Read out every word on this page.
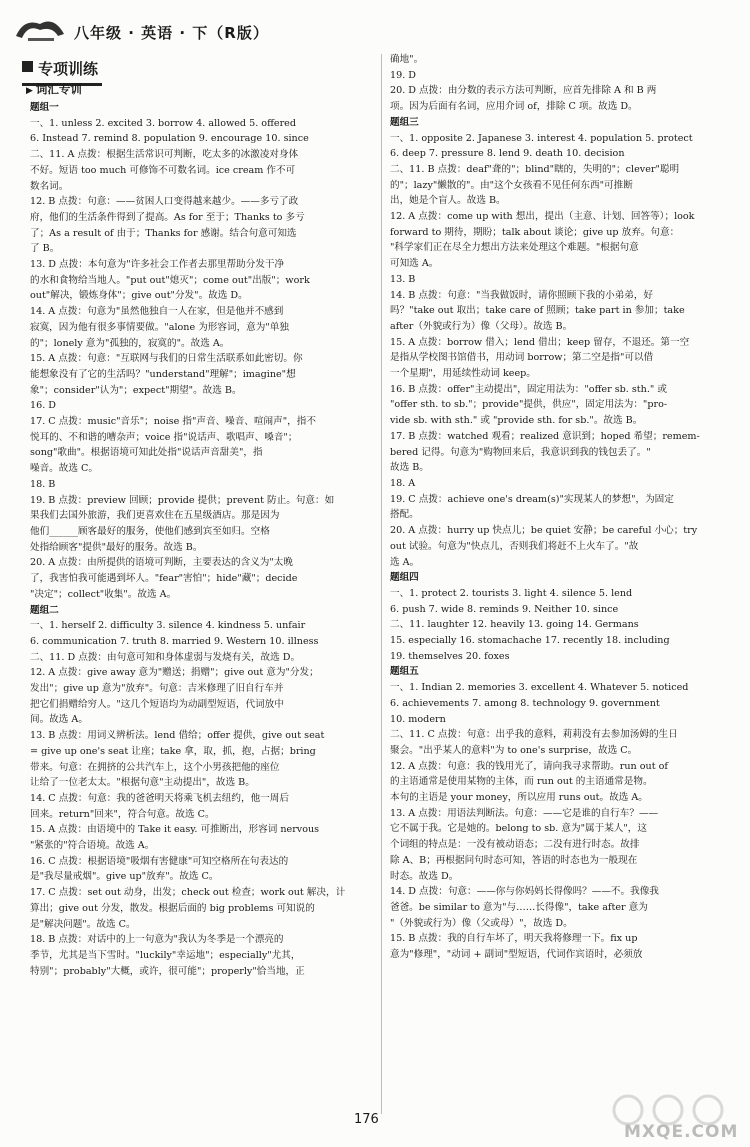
八年级 · 英语 · 下（R版）
专项训练
▶ 词汇专训
题组一
一、1. unless 2. excited 3. borrow 4. allowed 5. offered
6. Instead 7. remind 8. population 9. encourage 10. since
二、11. A 点拨：根据生活常识可判断，吃太多的冰激凌对身体
不好。短语 too much 可修饰不可数名词。ice cream 作不可
数名词。
12. B 点拨：句意：——贫困人口变得越来越少。——多亏了政
府，他们的生活条件得到了提高。As for 至于；Thanks to 多亏
了；As a result of 由于；Thanks for 感谢。结合句意可知选
了 B。
13. D 点拨：本句意为"许多社会工作者去那里帮助分发干净
的水和食物给当地人。"put out"熄灭"；come out"出版"；work
out"解决，锻炼身体"；give out"分发"。故选 D。
14. A 点拨：句意为"虽然他独自一人在家，但是他并不感到
寂寞，因为他有很多事情要做。"alone 为形容词，意为"单独
的"；lonely 意为"孤独的，寂寞的"。故选 A。
15. A 点拨：句意："互联网与我们的日常生活联系如此密切。你
能想象没有了它的生活吗？"understand"理解"；imagine"想
象"；consider"认为"；expect"期望"。故选 B。
16. D
17. C 点拨：music"音乐"；noise 指"声音、噪音、喧闹声"，指不
悦耳的、不和谐的嘈杂声；voice 指"说话声、歌唱声、嗓音"；
song"歌曲"。根据语境可知此处指"说话声音甜美"，指
噪音。故选 C。
18. B
19. B 点拨：preview 回顾；provide 提供；prevent 防止。句意：如
果我们去国外旅游，我们更喜欢住在五星级酒店。那是因为
他们______顾客最好的服务，使他们感到宾至如归。空格
处指给顾客"提供"最好的服务。故选 B。
20. A 点拨：由所提供的语境可判断，主要表达的含义为"太晚
了，我害怕我可能遇到坏人。"fear"害怕"；hide"藏"；decide
"决定"；collect"收集"。故选 A。
题组二
一、1. herself 2. difficulty 3. silence 4. kindness 5. unfair
6. communication 7. truth 8. married 9. Western 10. illness
二、11. D 点拨：由句意可知和身体虚弱与发烧有关，故选 D。
12. A 点拨：give away 意为"赠送；捐赠"；give out 意为"分发；
发出"；give up 意为"放弃"。句意：吉米修理了旧自行车并
把它们捐赠给穷人。"这几个短语均为动副型短语，代词放中
间。故选 A。
13. B 点拨：用词义辨析法。lend 借给；offer 提供，give out seat
= give up one's seat 让座；take 拿，取，抓，抱，占据；bring
带来。句意：在拥挤的公共汽车上，这个小男孩把他的座位
让给了一位老太太。"根据句意"主动提出"，故选 B。
14. C 点拨：句意：我的爸爸明天将乘飞机去纽约，他一周后
回来。return"回来"，符合句意。故选 C。
15. A 点拨：由语境中的 Take it easy. 可推断出，形容词 nervous
"紧张的"符合语境。故选 A。
16. C 点拨：根据语境"吸烟有害健康"可知空格所在句表达的
是"我尽量戒烟"。give up"放弃"。故选 C。
17. C 点拨：set out 动身，出发；check out 检查；work out 解决，计
算出；give out 分发，散发。根据后面的 big problems 可知说的
是"解决问题"。故选 C。
18. B 点拨：对话中的上一句意为"我认为冬季是一个漂亮的
季节，尤其是当下雪时。"luckily"幸运地"；especially"尤其，
特别"；probably"大概，或许，很可能"；properly"恰当地，正
确地"。
19. D
20. D 点拨：由分数的表示方法可判断，应首先排除 A 和 B 两
项。因为后面有名词，应用介词 of，排除 C 项。故选 D。
题组三
一、1. opposite 2. Japanese 3. interest 4. population 5. protect
6. deep 7. pressure 8. lend 9. death 10. decision
二、11. B 点拨：deaf"聋的"；blind"瞎的，失明的"；clever"聪明
的"；lazy"懒散的"。由"这个女孩看不见任何东西"可推断
出，她是个盲人。故选 B。
12. A 点拨：come up with 想出，提出（主意、计划、回答等）；look
forward to 期待，期盼；talk about 谈论；give up 放弃。句意：
"科学家们正在尽全力想出方法来处理这个难题。"根据句意
可知选 A。
13. B
14. B 点拨：句意："当我做饭时，请你照顾下我的小弟弟，好
吗？"take out 取出；take care of 照顾；take part in 参加；take
after（外貌或行为）像（父母）。故选 B。
15. A 点拨：borrow 借入；lend 借出；keep 留存，不退还。第一空
是指从学校图书馆借书，用动词 borrow；第二空是指"可以借
一个星期"，用延续性动词 keep。
16. B 点拨：offer"主动提出"，固定用法为："offer sb. sth." 或
"offer sth. to sb."；provide"提供，供应"，固定用法为："pro-
vide sb. with sth." 或 "provide sth. for sb."。故选 B。
17. B 点拨：watched 观看；realized 意识到；hoped 希望；remem-
bered 记得。句意为"购物回来后，我意识到我的钱包丢了。"
故选 B。
18. A
19. C 点拨：achieve one's dream(s)"实现某人的梦想"，为固定
搭配。
20. A 点拨：hurry up 快点儿；be quiet 安静；be careful 小心；try
out 试验。句意为"快点儿，否则我们将赶不上火车了。"故
选 A。
题组四
一、1. protect 2. tourists 3. light 4. silence 5. lend
6. push 7. wide 8. reminds 9. Neither 10. since
二、11. laughter 12. heavily 13. going 14. Germans
15. especially 16. stomachache 17. recently 18. including
19. themselves 20. foxes
题组五
一、1. Indian 2. memories 3. excellent 4. Whatever 5. noticed
6. achievements 7. among 8. technology 9. government
10. modern
二、11. C 点拨：句意：出乎我的意料，莉莉没有去参加汤姆的生日
聚会。"出乎某人的意料"为 to one's surprise，故选 C。
12. A 点拨：句意：我的钱用光了，请向我寻求帮助。run out of
的主语通常是使用某物的主体，而 run out 的主语通常是物。
本句的主语是 your money，所以应用 runs out。故选 A。
13. A 点拨：用语法判断法。句意：——它是谁的自行车？——
它不属于我。它是她的。belong to sb. 意为"属于某人"，这
个词组的特点是：一没有被动语态；二没有进行时态。故排
除 A、B；再根据问句时态可知，答语的时态也为一般现在
时态。故选 D。
14. D 点拨：句意：——你与你妈妈长得像吗？——不。我像我
爸爸。be similar to 意为"与……长得像"，take after 意为
"（外貌或行为）像（父或母）"，故选 D。
15. B 点拨：我的自行车坏了，明天我将修理一下。fix up
意为"修理"，"动词 + 副词"型短语，代词作宾语时，必须放
176
MXQE.COM
